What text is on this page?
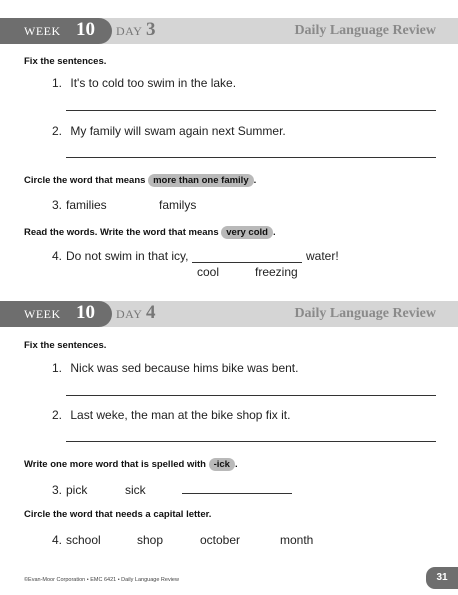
WEEK 10 DAY 3	Daily Language Review
Fix the sentences.
1. It's to cold too swim in the lake.
2. My family will swam again next Summer.
Circle the word that means more than one family .
3. families	familys
Read the words. Write the word that means very cold .
4. Do not swim in that icy,	water!
cool	freezing
WEEK 10 DAY 4	Daily Language Review
Fix the sentences.
1. Nick was sed because hims bike was bent.
2. Last weke, the man at the bike shop fix it.
Write one more word that is spelled with -ick .
3. pick	sick
Circle the word that needs a capital letter.
4. school	shop	october	month
©Evan-Moor Corporation • EMC 6421 • Daily Language Review	31
